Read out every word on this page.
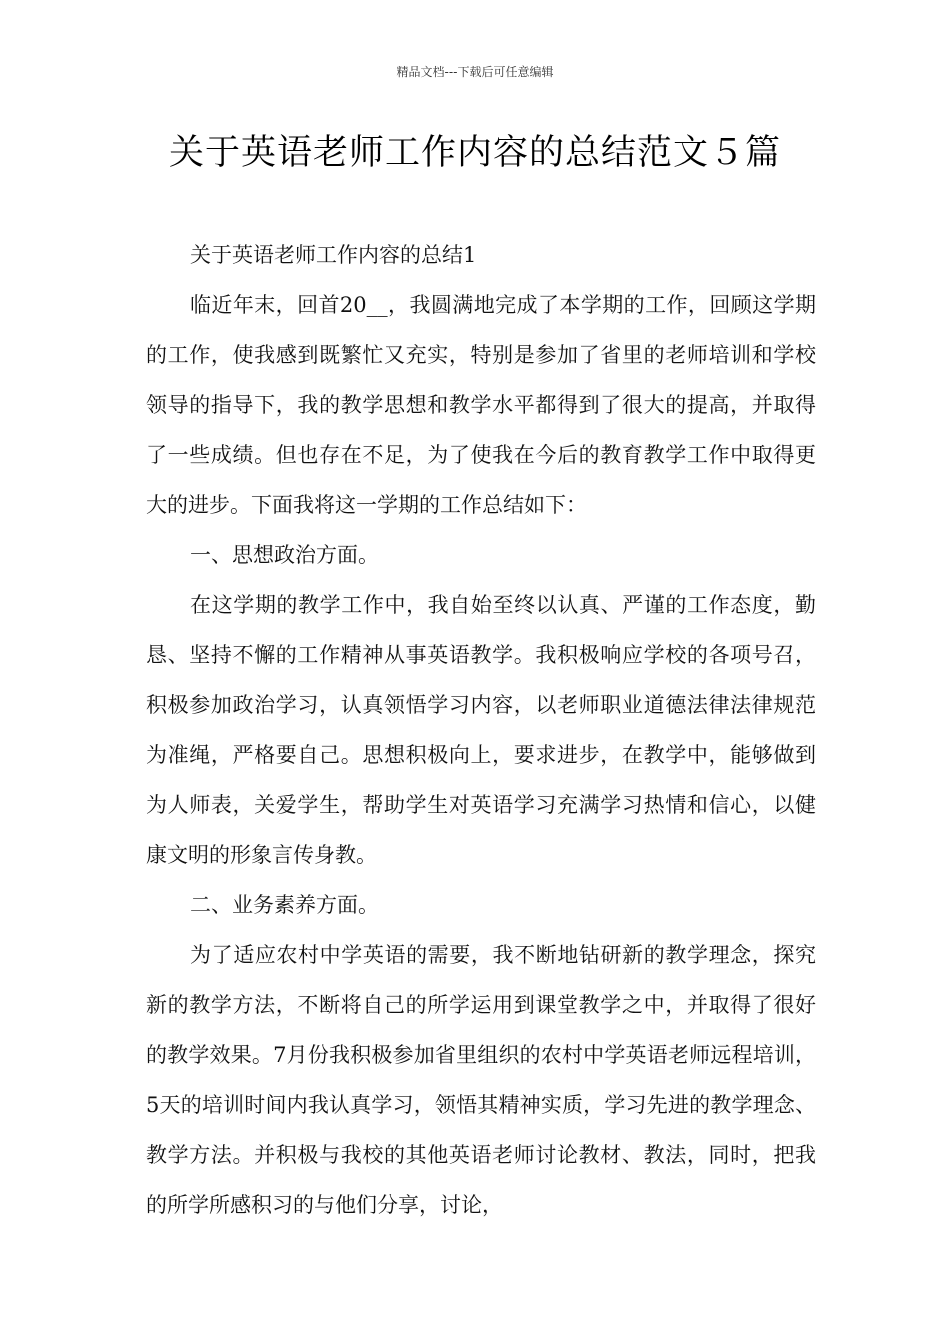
精品文档---下载后可任意编辑
关于英语老师工作内容的总结范文５篇

关于英语老师工作内容的总结1

临近年末，回首20__，我圆满地完成了本学期的工作，回顾这学期的工作，使我感到既繁忙又充实，特别是参加了省里的老师培训和学校领导的指导下，我的教学思想和教学水平都得到了很大的提高，并取得了一些成绩。但也存在不足，为了使我在今后的教育教学工作中取得更大的进步。下面我将这一学期的工作总结如下：

一、思想政治方面。

在这学期的教学工作中，我自始至终以认真、严谨的工作态度，勤恳、坚持不懈的工作精神从事英语教学。我积极响应学校的各项号召，积极参加政治学习，认真领悟学习内容，以老师职业道德法律法律规范为准绳，严格要自己。思想积极向上，要求进步，在教学中，能够做到为人师表，关爱学生，帮助学生对英语学习充满学习热情和信心，以健康文明的形象言传身教。

二、业务素养方面。

为了适应农村中学英语的需要，我不断地钻研新的教学理念，探究新的教学方法，不断将自己的所学运用到课堂教学之中，并取得了很好的教学效果。7月份我积极参加省里组织的农村中学英语老师远程培训，5天的培训时间内我认真学习，领悟其精神实质，学习先进的教学理念、教学方法。并积极与我校的其他英语老师讨论教材、教法，同时，把我的所学所感积习的与他们分享，讨论，
